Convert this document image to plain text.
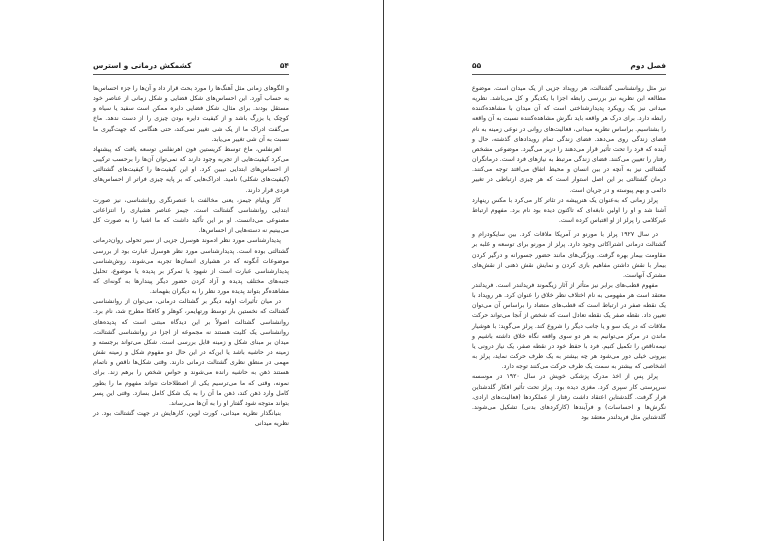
۵۴
کشمکش درمانی و استرس

و الگوهای زمانی مثل آهنگ‌ها را مورد بحث قرار داد و آن‌ها را جزء احساس‌ها به حساب آورد. این احساس‌های شکل فضایی و شکل زمانی از عناصر خود مستقل بودند. برای مثال، شکل فضایی دایره ممکن است سفید یا سیاه و کوچک یا بزرگ باشد و از کیفیت دایره بودن چیزی را از دست ندهد. ماخ می‌گفت ادراک ما از یک شی تغییر نمی‌کند، حتی هنگامی که جهت‌گیری ما نسبت به آن شی تغییر می‌یابد.

اهرنفلس، ماخ توسط کریستین فون اهرنفلس توسعه یافت که پیشنهاد می‌کرد کیفیت‌هایی از تجربه وجود دارند که نمی‌توان آن‌ها را برحسب ترکیبی از احساس‌های ابتدایی تبیین کرد. او این کیفیت‌ها را کیفیت‌های گشتالتی (کیفیت‌های شکلی) نامید. ادراک‌هایی که بر پایه چیزی فراتر از احساس‌های فردی قرار دارند.

کار ویلیام جیمز، یعنی مخالفت با عنصرنگری روانشناسی، نیز صورت ابتدایی روانشناسی گشتالت است. جیمز عناصر هشیاری را انتزاعاتی مصنوعی می‌دانست. او بر این تأکید داشت که ما اشیا را به صورت کل می‌بینیم نه دسته‌هایی از احساس‌ها.

پدیدارشناسی مورد نظر ادموند هوسرل جزیی از سیر تحولی روان‌درمانی گشتالتی بوده است. پدیدارشناسی مورد نظر هوسرل عبارت بود از بررسی موضوعات آنگونه که در هشیاری انسان‌ها تجربه می‌شوند. روش‌شناسی پدیدارشناسی عبارت است از شهود یا تمرکز بر پدیده یا موضوع، تحلیل جنبه‌های مختلف پدیده و آزاد کردن حضور دیگر پیندارها به گونه‌ای که مشاهده‌گر بتواند پدیده مورد نظر را به دیگران بفهماند.

در میان تأثیرات اولیه دیگر بر گشتالت درمانی، می‌توان از روانشناسی گشتالت که نخستین بار توسط ورتهایمر، کوهلر و کافکا مطرح شد، نام برد. روانشناسی گشتالت اصولاً بر این دیدگاه مبتنی است که پدیده‌های روانشناسی یک کلیت هستند نه مجموعه از اجزا در روانشناسی گشتالت، میدان بر مبنای شکل و زمینه قابل بررسی است. شکل می‌تواند برجسته و زمینه در حاشیه باشد یا این‌که در این حال دو مفهوم شکل و زمینه نقش مهمی در منطق نظری گشتالت درمانی دارند. وقتی شکل‌ها ناقص و ناتمام هستند ذهن به حاشیه رانده می‌شوند و حواس شخص را برهم زند. برای نمونه، وقتی که ما می‌ترسیم یکی از اصطلاحات نتواند مفهوم ما را بطور کامل وارد ذهن کند، ذهن ما آن را به یک شکل کامل بسازد. وقتی این پسر بتواند متوجه شود گفتار او را به آن‌ها می‌رساند.

بنیانگذار نظریه میدانی، کورت لوین، کارهایش در جهت گشتالت بود. در نظریه میدانی

فصل دوم
۵۵

نیز مثل روانشناسی گشتالت، هر رویداد جزیی از یک میدان است. موضوع مطالعه این نظریه نیز بررسی رابطه اجزا با یکدیگر و کل می‌باشد. نظریه میدانی نیز یک رویکرد پدیدارشناختی است که آن میدان با مشاهده‌کننده رابطه دارد. برای درک هر واقعه باید نگرش مشاهده‌کننده نسبت به آن واقعه را بشناسیم. براساس نظریه میدانی، فعالیت‌های روانی در نوعی زمینه به نام فضای زندگی روی می‌دهد. فضای زندگی تمام رویدادهای گذشته، حال و آینده که فرد را تحت تأثیر قرار می‌دهند را دربر می‌گیرد. موضوعی مشخص رفتار را تعیین می‌کنند. فضای زندگی مرتبط به نیازهای فرد است. درمانگران گشتالتی نیز به آنچه در بین انسان و محیط اتفاق می‌افتد توجه می‌کنند. درمان گشتالتی بر این اصل استوار است که هر چیزی ارتباطی در تغییر دائمی و بهم پیوسته و در جریان است.

پرلز زمانی که به‌عنوان یک هنرپیشه در تئاتر کار می‌کرد با مکس رینهارد آشنا شد و او را اولین نابغه‌ای که تاکنون دیده بود نام برد. مفهوم ارتباط غیرکلامی را پرلز از او اقتباس کرده است.

در سال ۱۹۲۷ پرلز با مورنو در آمریکا ملاقات کرد. بین سایکودرام و گشتالت درمانی اشتراکاتی وجود دارد. پرلز از مورنو برای توسعه و غلبه بر مقاومت بیمار بهره گرفت. ویژگی‌های مانند حضور جسورانه و درگیر کردن بیمار با نقش داشتن مفاهیم بازی کردن و نمایش نقش ذهنی از نقش‌های مشترک آنهاست.

مفهوم قطب‌های برابر نیز متأثر از آثار زیگموند فریدلندر است. فریدلندر معتقد است هر مفهومی به نام اختلاف نظر خلاق را عنوان کرد. هر رویداد با یک نقطه صفر در ارتباط است که قطب‌های متضاد را براساس آن می‌توان تعیین داد. نقطه صفر یک نقطه تعادل است که شخص از آنجا می‌تواند حرکت ملاقات که در یک سو و یا جانب دیگر را شروع کند. پرلز می‌گوید: با هوشیار ماندن در مرکز می‌توانیم به هر دو سوی واقعه نگاه خلاق داشته باشیم و نیمه‌ناقص را تکمیل کنیم. فرد با حفظ خود در نقطه صفر، یک نیاز درونی یا بیرونی خیلی دور می‌شود هر چه بیشتر به یک طرف حرکت نماید، پرلز به اشخاصی که بیشتر به سمت یک طرف حرکت می‌کنند توجه دارد.

پرلز پس از اخذ مدرک پزشکی خویش در سال ۱۹۲۰ در موسسه سرپرستی کار سپری کرد. مغزی دیده بود. پرلز تحت تأثیر افکار گلدشتاین قرار گرفت. گلدشتاین اعتقاد داشت رفتار از عملکرد‌ها (فعالیت‌های ارادی، نگرش‌ها و احساسات) و فرآیندها (کارکردهای بدنی) تشکیل می‌شوند. گلدشتاین مثل فریدلندر معتقد بود
